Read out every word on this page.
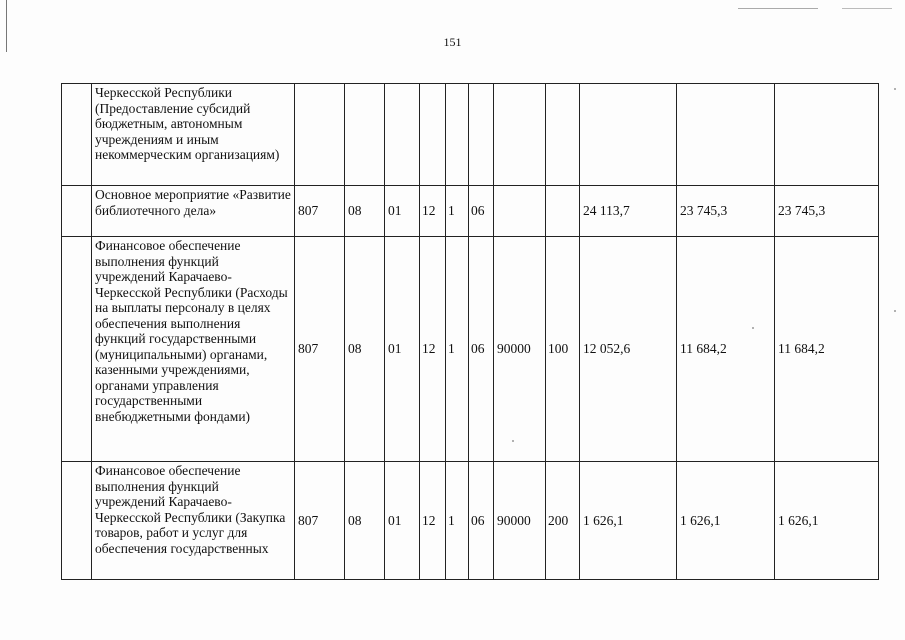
151
	Черкесской Республики (Предоставление субсидий бюджетным, автономным учреждениям и иным некоммерческим организациям)											
	Основное мероприятие «Развитие библиотечного дела»	807	08	01	12	1	06			24 113,7	23 745,3	23 745,3
	Финансовое обеспечение выполнения функций учреждений Карачаево-Черкесской Республики (Расходы на выплаты персоналу в целях обеспечения выполнения функций государственными (муниципальными) органами, казенными учреждениями, органами управления государственными внебюджетными фондами)	807	08	01	12	1	06	90000	100	12 052,6	11 684,2	11 684,2
	Финансовое обеспечение выполнения функций учреждений Карачаево-Черкесской Республики (Закупка товаров, работ и услуг для обеспечения государственных	807	08	01	12	1	06	90000	200	1 626,1	1 626,1	1 626,1
